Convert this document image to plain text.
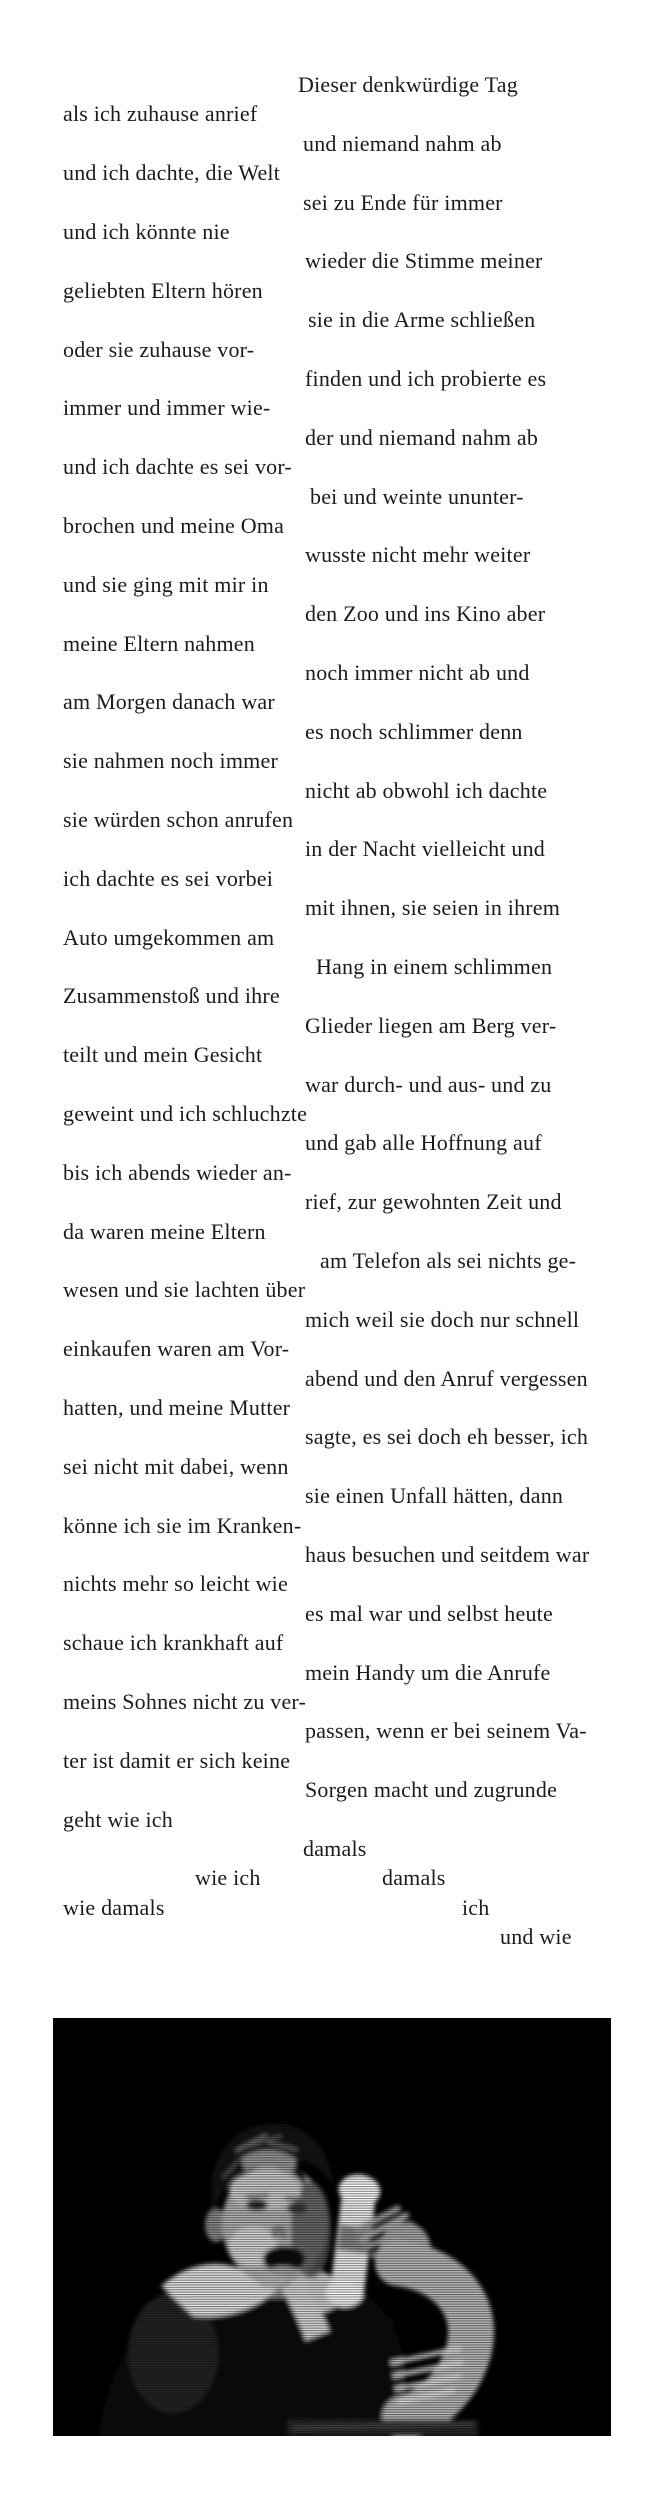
Dieser denkwürdige Tag
als ich zuhause anrief
und niemand nahm ab
und ich dachte, die Welt
sei zu Ende für immer
und ich könnte nie
wieder die Stimme meiner
geliebten Eltern hören
sie in die Arme schließen
oder sie zuhause vor-
finden und ich probierte es
immer und immer wie-
der und niemand nahm ab
und ich dachte es sei vor-
bei und weinte ununter-
brochen und meine Oma
wusste nicht mehr weiter
und sie ging mit mir in
den Zoo und ins Kino aber
meine Eltern nahmen
noch immer nicht ab und
am Morgen danach war
es noch schlimmer denn
sie nahmen noch immer
nicht ab obwohl ich dachte
sie würden schon anrufen
in der Nacht vielleicht und
ich dachte es sei vorbei
mit ihnen, sie seien in ihrem
Auto umgekommen am
Hang in einem schlimmen
Zusammenstoß und ihre
Glieder liegen am Berg ver-
teilt und mein Gesicht
war durch- und aus- und zu
geweint und ich schluchzte
und gab alle Hoffnung auf
bis ich abends wieder an-
rief, zur gewohnten Zeit und
da waren meine Eltern
am Telefon als sei nichts ge-
wesen und sie lachten über
mich weil sie doch nur schnell
einkaufen waren am Vor-
abend und den Anruf vergessen
hatten, und meine Mutter
sagte, es sei doch eh besser, ich
sei nicht mit dabei, wenn
sie einen Unfall hätten, dann
könne ich sie im Kranken-
haus besuchen und seitdem war
nichts mehr so leicht wie
es mal war und selbst heute
schaue ich krankhaft auf
mein Handy um die Anrufe
meins Sohnes nicht zu ver-
passen, wenn er bei seinem Va-
ter ist damit er sich keine
Sorgen macht und zugrunde
geht wie ich
damals
wie ich	damals
wie damals	ich
und wie
